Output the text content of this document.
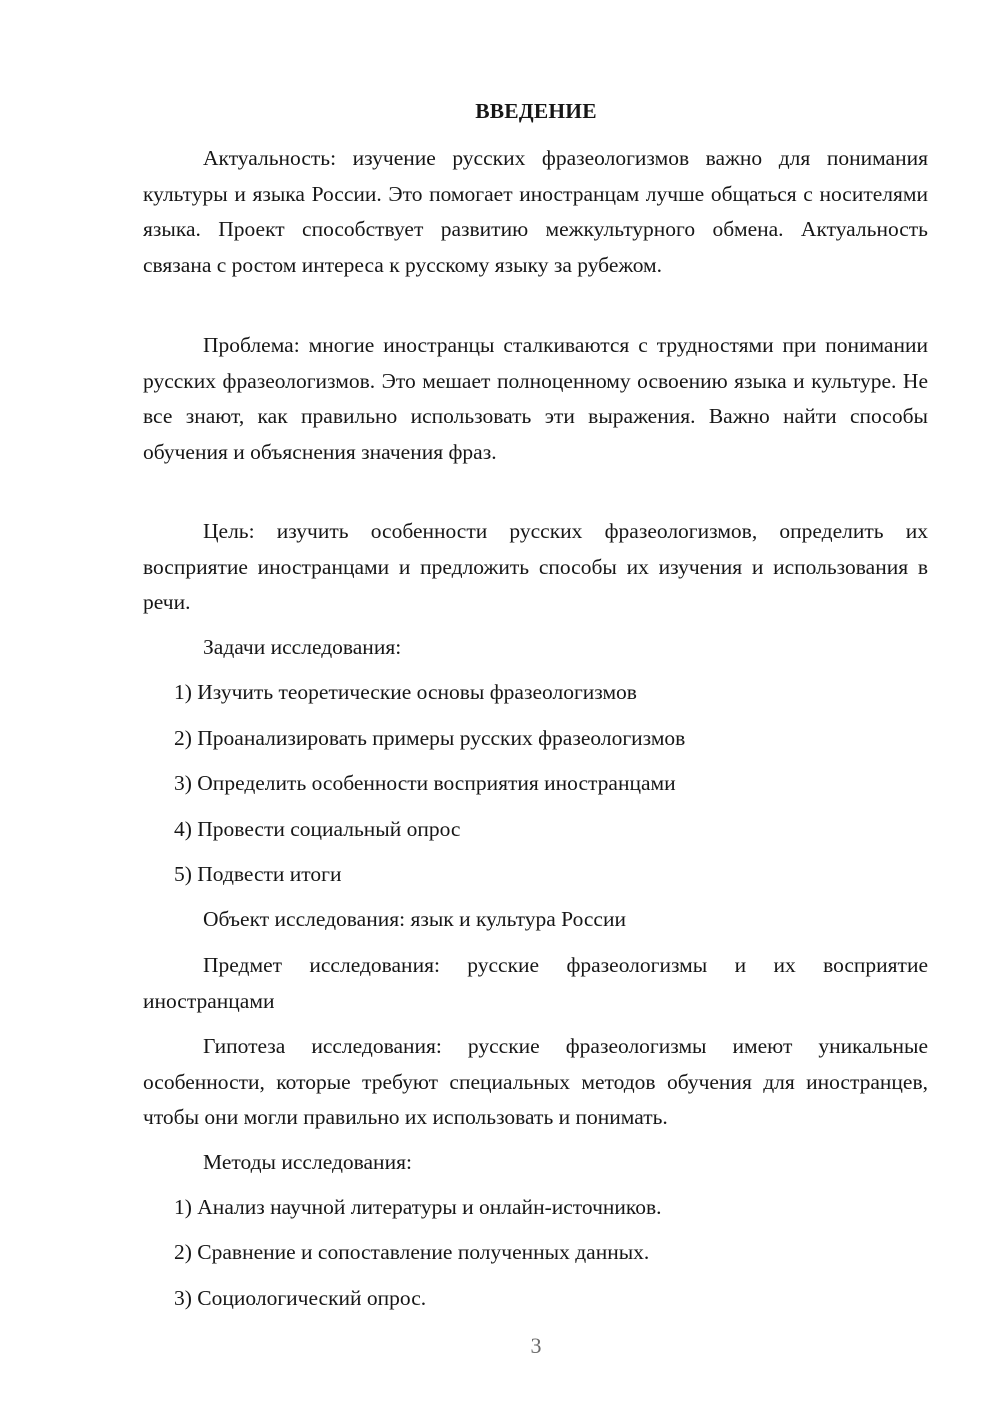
ВВЕДЕНИЕ

Актуальность: изучение русских фразеологизмов важно для понимания культуры и языка России. Это помогает иностранцам лучше общаться с носителями языка. Проект способствует развитию межкультурного обмена. Актуальность связана с ростом интереса к русскому языку за рубежом.

Проблема: многие иностранцы сталкиваются с трудностями при понимании русских фразеологизмов. Это мешает полноценному освоению языка и культуре. Не все знают, как правильно использовать эти выражения. Важно найти способы обучения и объяснения значения фраз.

Цель: изучить особенности русских фразеологизмов, определить их восприятие иностранцами и предложить способы их изучения и использования в речи.

Задачи исследования:

1) Изучить теоретические основы фразеологизмов

2) Проанализировать примеры русских фразеологизмов

3) Определить особенности восприятия иностранцами

4) Провести социальный опрос

5) Подвести итоги

Объект исследования: язык и культура России

Предмет исследования: русские фразеологизмы и их восприятие иностранцами

Гипотеза исследования: русские фразеологизмы имеют уникальные особенности, которые требуют специальных методов обучения для иностранцев, чтобы они могли правильно их использовать и понимать.

Методы исследования:

1) Анализ научной литературы и онлайн-источников.

2) Сравнение и сопоставление полученных данных.

3) Социологический опрос.

3
